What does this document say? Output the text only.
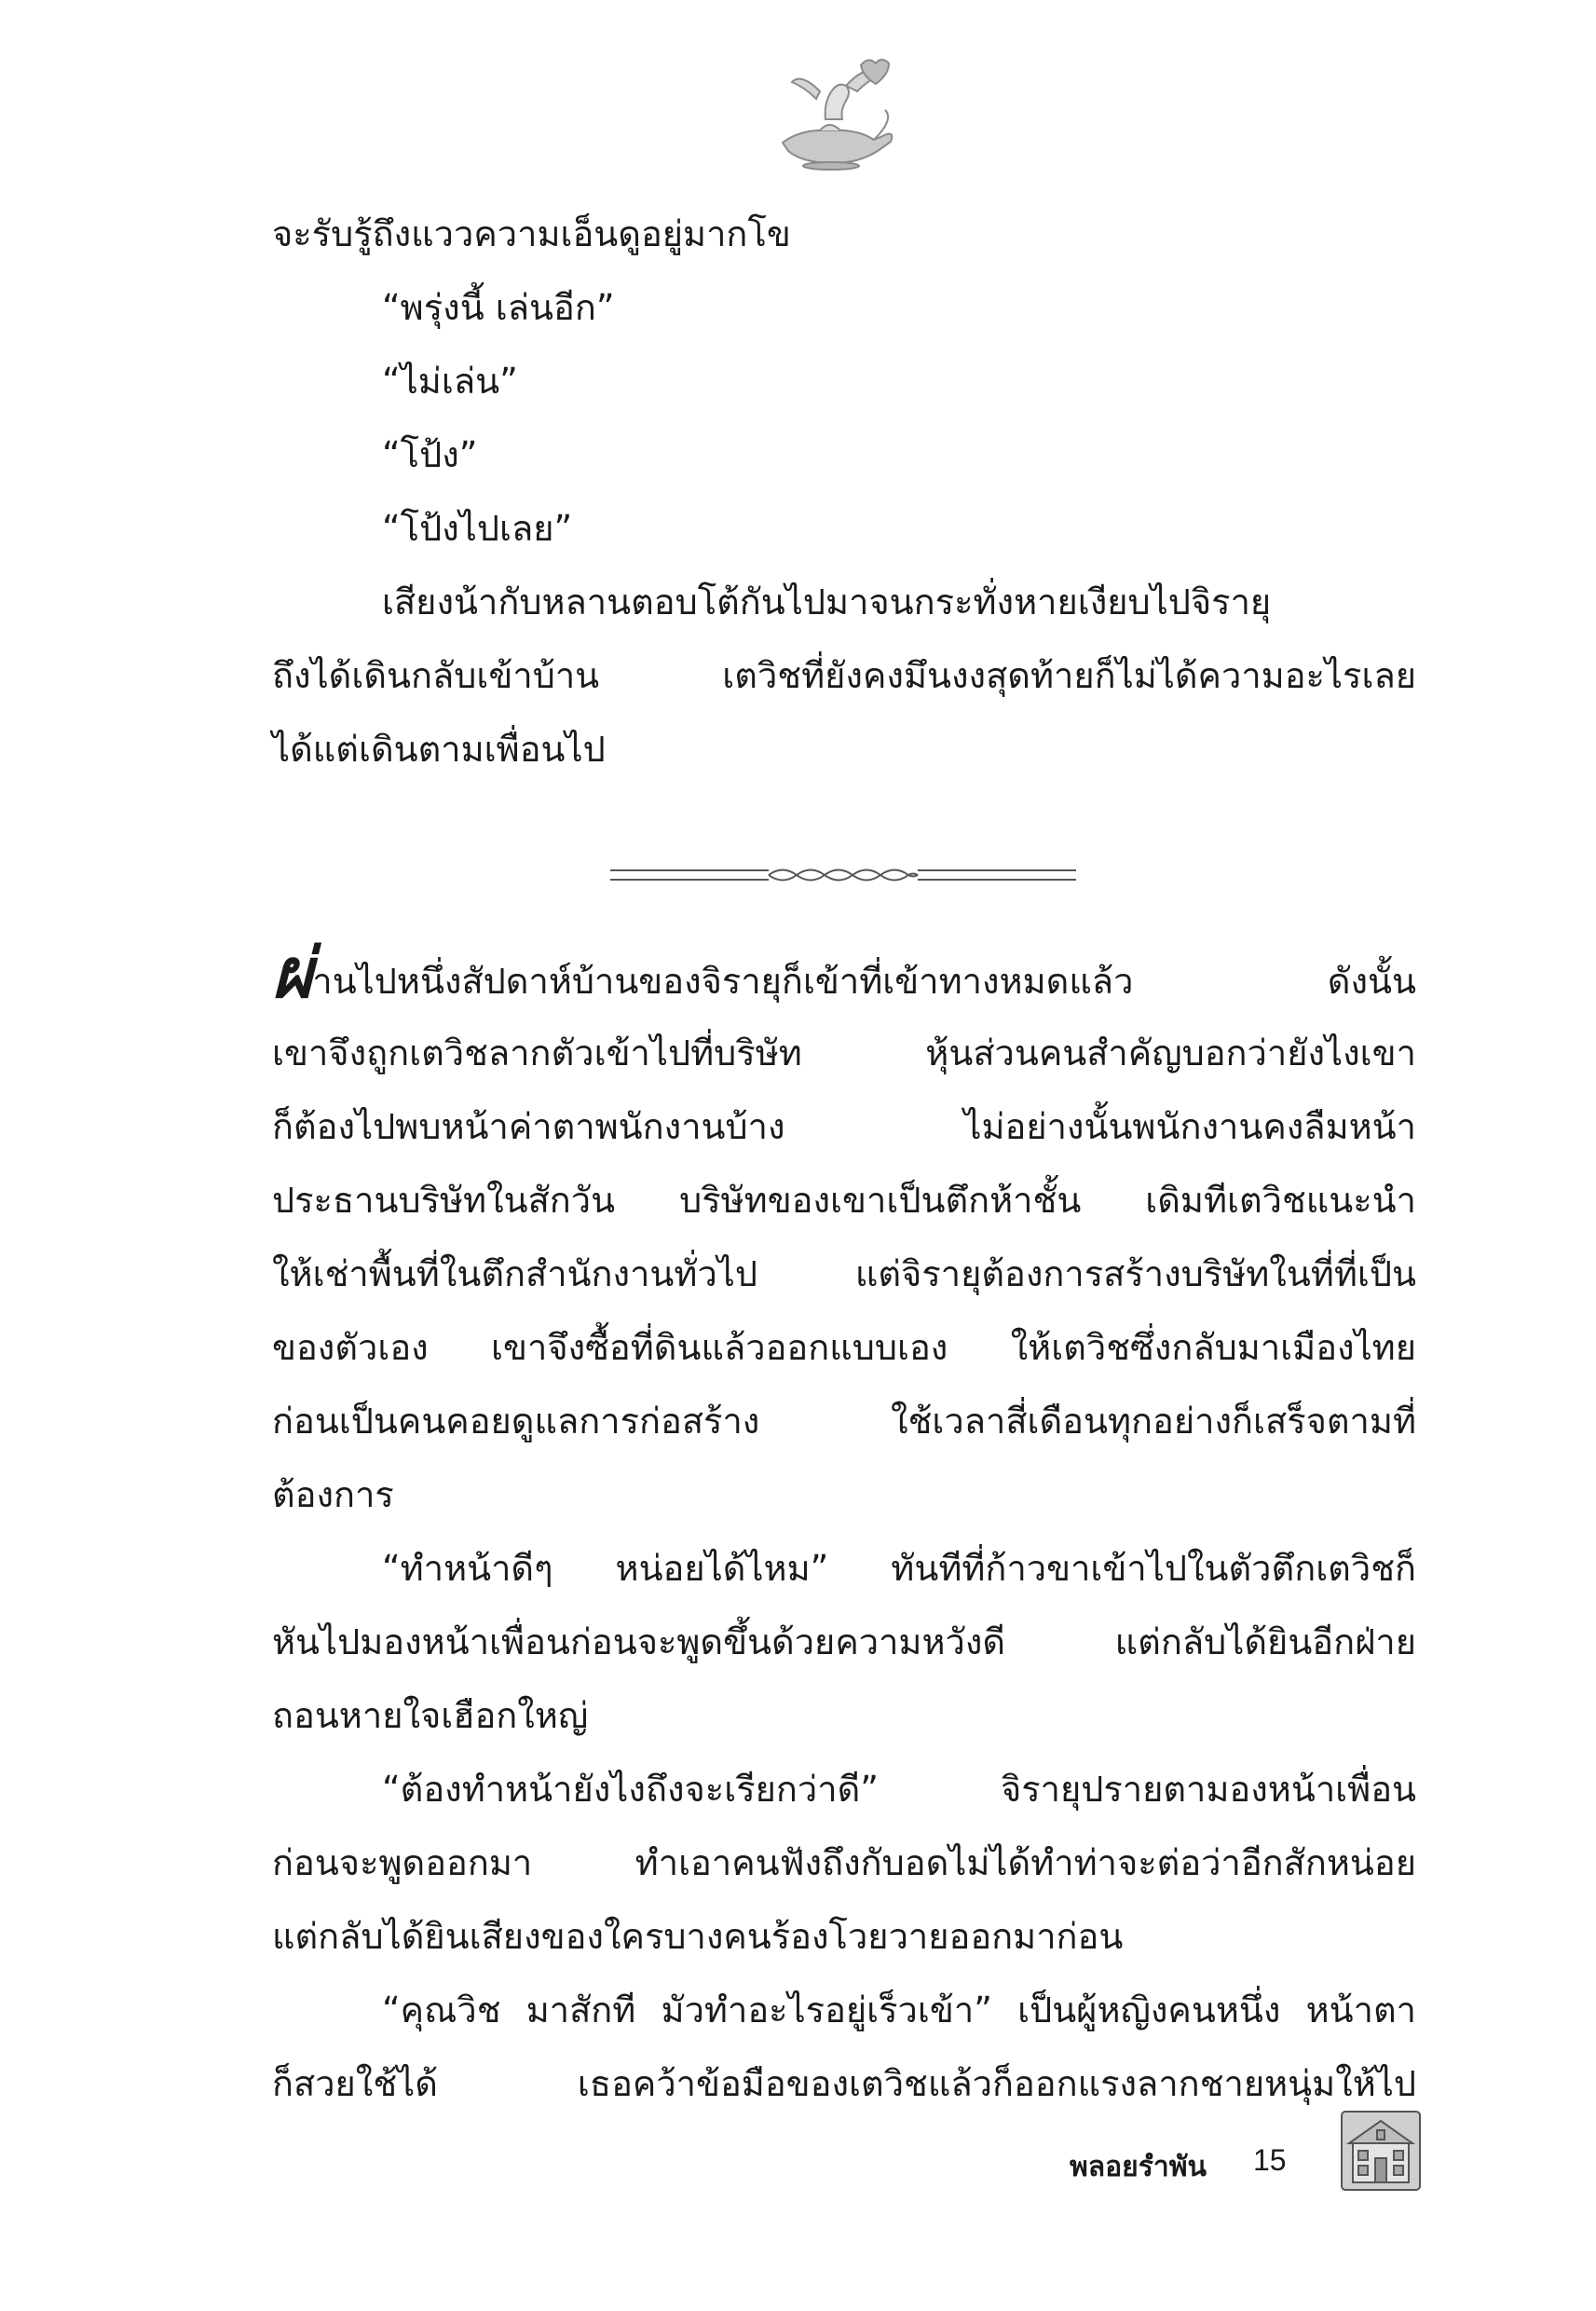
จะรับรู้ถึงแววความเอ็นดูอยู่มากโข
“พรุ่งนี้ เล่นอีก”
“ไม่เล่น”
“โป้ง”
“โป้งไปเลย”
เสียงน้ากับหลานตอบโต้กันไปมาจนกระทั่งหายเงียบไปจิรายุ
ถึงได้เดินกลับเข้าบ้าน เตวิชที่ยังคงมึนงงสุดท้ายก็ไม่ได้ความอะไรเลย
ได้แต่เดินตามเพื่อนไป
ผ่านไปหนึ่งสัปดาห์บ้านของจิรายุก็เข้าที่เข้าทางหมดแล้ว ดังนั้น
เขาจึงถูกเตวิชลากตัวเข้าไปที่บริษัท หุ้นส่วนคนสำคัญบอกว่ายังไงเขา
ก็ต้องไปพบหน้าค่าตาพนักงานบ้าง ไม่อย่างนั้นพนักงานคงลืมหน้า
ประธานบริษัทในสักวัน บริษัทของเขาเป็นตึกห้าชั้น เดิมทีเตวิชแนะนำ
ให้เช่าพื้นที่ในตึกสำนักงานทั่วไป แต่จิรายุต้องการสร้างบริษัทในที่ที่เป็น
ของตัวเอง เขาจึงซื้อที่ดินแล้วออกแบบเอง ให้เตวิชซึ่งกลับมาเมืองไทย
ก่อนเป็นคนคอยดูแลการก่อสร้าง ใช้เวลาสี่เดือนทุกอย่างก็เสร็จตามที่
ต้องการ
“ทำหน้าดีๆ หน่อยได้ไหม” ทันทีที่ก้าวขาเข้าไปในตัวตึกเตวิชก็
หันไปมองหน้าเพื่อนก่อนจะพูดขึ้นด้วยความหวังดี แต่กลับได้ยินอีกฝ่าย
ถอนหายใจเฮือกใหญ่
“ต้องทำหน้ายังไงถึงจะเรียกว่าดี” จิรายุปรายตามองหน้าเพื่อน
ก่อนจะพูดออกมา ทำเอาคนฟังถึงกับอดไม่ได้ทำท่าจะต่อว่าอีกสักหน่อย
แต่กลับได้ยินเสียงของใครบางคนร้องโวยวายออกมาก่อน
“คุณวิช มาสักที มัวทำอะไรอยู่เร็วเข้า” เป็นผู้หญิงคนหนึ่ง หน้าตา
ก็สวยใช้ได้ เธอคว้าข้อมือของเตวิชแล้วก็ออกแรงลากชายหนุ่มให้ไป
พลอยรำพัน 15
